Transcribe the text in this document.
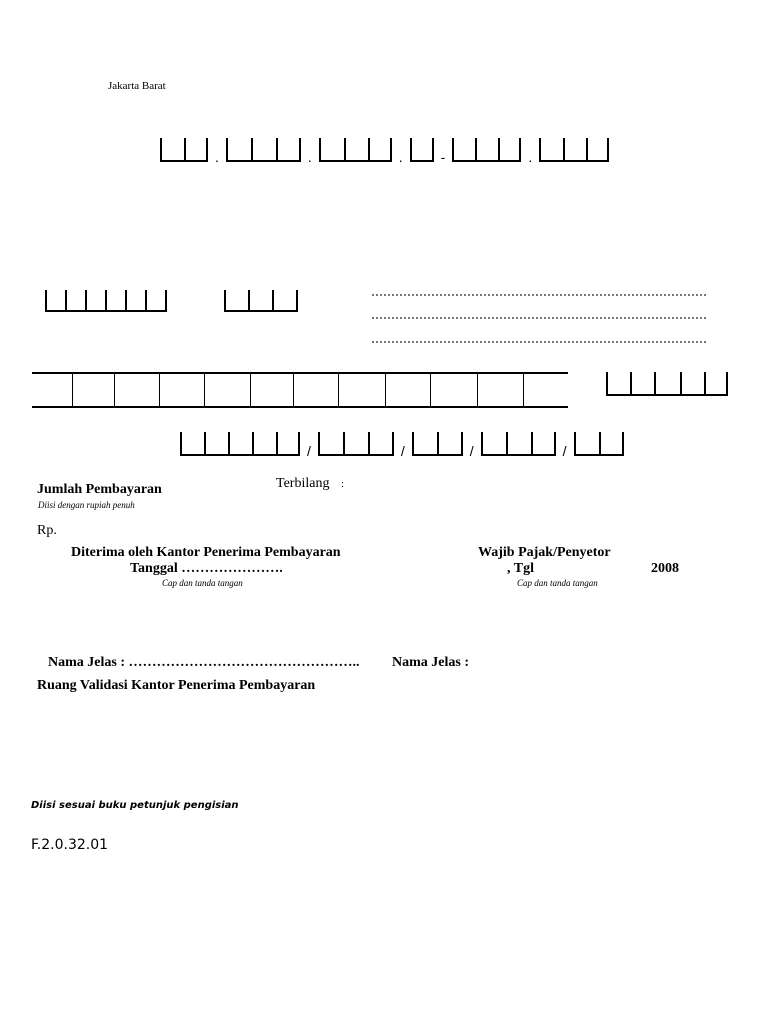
Jakarta Barat
.	.	.	-	.
/	/	/	/
Terbilang :
Jumlah Pembayaran
Diisi dengan rupiah penuh
Rp.
Diterima oleh Kantor Penerima Pembayaran
Tanggal ………………….
Cap dan tanda tangan
Wajib Pajak/Penyetor
, Tgl	2008
Cap dan tanda tangan
Nama Jelas : ………………………………………….. Nama Jelas :
Ruang Validasi Kantor Penerima Pembayaran
Diisi sesuai buku petunjuk pengisian
F.2.0.32.01
